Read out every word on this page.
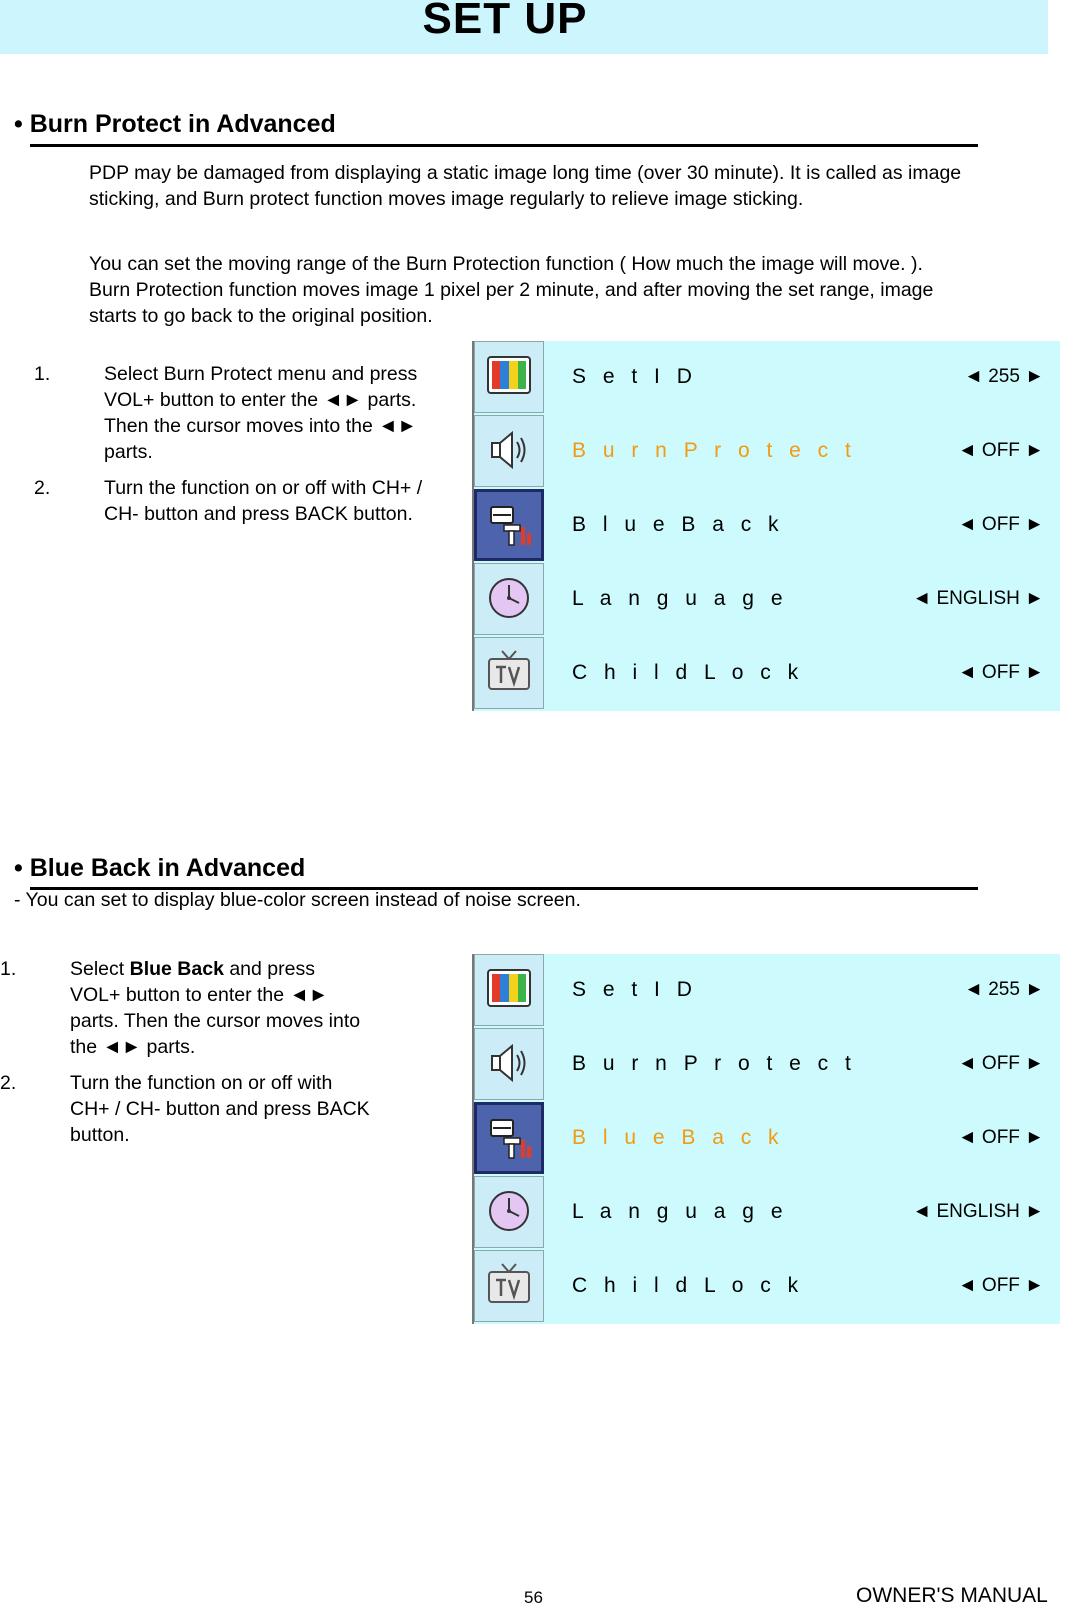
SET UP
• Burn Protect in Advanced
PDP may be damaged from displaying a static image long time (over 30 minute). It is called as image sticking, and Burn protect function moves image regularly to relieve image sticking.
You can set the moving range of the Burn Protection function ( How much the image will move. ). Burn Protection function moves image 1 pixel per 2 minute, and after moving the set range, image starts to go back to the original position.
1.	Select Burn Protect menu and press VOL+ button to enter the ◄► parts. Then the cursor moves into the ◄► parts.
2.	Turn the function on or off with CH+ / CH- button and press BACK button.
S e t I D	◄ 255 ►
B u r n P r o t e c t	◄ OFF ►
B l u e B a c k	◄ OFF ►
L a n g u a g e	◄ ENGLISH ►
C h i l d L o c k	◄ OFF ►
• Blue Back in Advanced
- You can set to display blue-color screen instead of noise screen.
1.	Select Blue Back and press VOL+ button to enter the ◄► parts. Then the cursor moves into the ◄► parts.
2.	Turn the function on or off with CH+ / CH- button and press BACK button.
S e t I D	◄ 255 ►
B u r n P r o t e c t	◄ OFF ►
B l u e B a c k	◄ OFF ►
L a n g u a g e	◄ ENGLISH ►
C h i l d L o c k	◄ OFF ►
56	OWNER'S MANUAL
